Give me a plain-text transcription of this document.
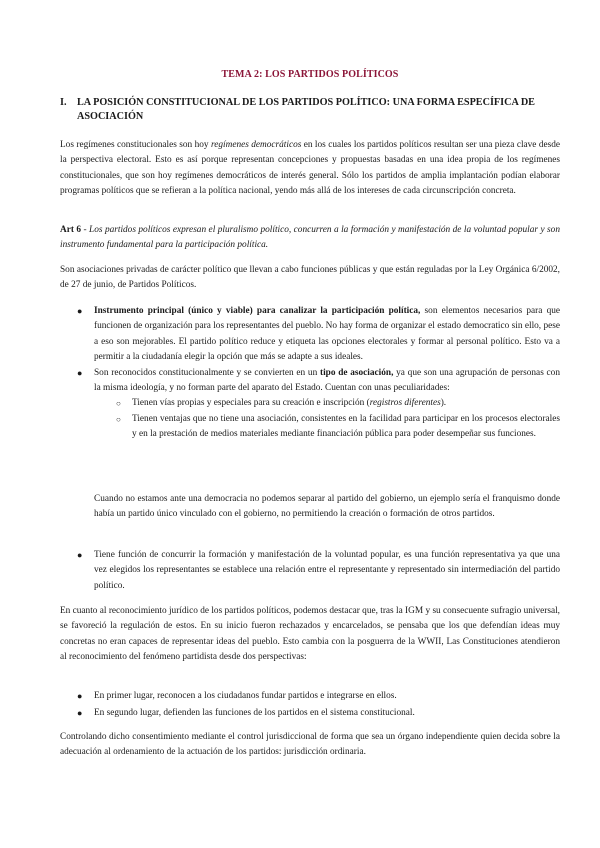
TEMA 2: LOS PARTIDOS POLÍTICOS
I.	LA POSICIÓN CONSTITUCIONAL DE LOS PARTIDOS POLÍTICO: UNA FORMA ESPECÍFICA DE ASOCIACIÓN

Los regímenes constitucionales son hoy regímenes democráticos en los cuales los partidos políticos resultan ser una pieza clave desde la perspectiva electoral. Esto es así porque representan concepciones y propuestas basadas en una idea propia de los regímenes constitucionales, que son hoy regímenes democráticos de interés general. Sólo los partidos de amplia implantación podían elaborar programas políticos que se refieran a la política nacional, yendo más allá de los intereses de cada circunscripción concreta.

Art 6 - Los partidos políticos expresan el pluralismo político, concurren a la formación y manifestación de la voluntad popular y son instrumento fundamental para la participación política.

Son asociaciones privadas de carácter político que llevan a cabo funciones públicas y que están reguladas por la Ley Orgánica 6/2002, de 27 de junio, de Partidos Políticos.

● Instrumento principal (único y viable) para canalizar la participación política, son elementos necesarios para que funcionen de organización para los representantes del pueblo. No hay forma de organizar el estado democratico sin ello, pese a eso son mejorables. El partido político reduce y etiqueta las opciones electorales y formar al personal político. Esto va a permitir a la ciudadanía elegir la opción que más se adapte a sus ideales.
● Son reconocidos constitucionalmente y se convierten en un tipo de asociación, ya que son una agrupación de personas con la misma ideología, y no forman parte del aparato del Estado. Cuentan con unas peculiaridades:
○ Tienen vías propias y especiales para su creación e inscripción (registros diferentes).
○ Tienen ventajas que no tiene una asociación, consistentes en la facilidad para participar en los procesos electorales y en la prestación de medios materiales mediante financiación pública para poder desempeñar sus funciones.

Cuando no estamos ante una democracia no podemos separar al partido del gobierno, un ejemplo sería el franquismo donde había un partido único vinculado con el gobierno, no permitiendo la creación o formación de otros partidos.

● Tiene función de concurrir la formación y manifestación de la voluntad popular, es una función representativa ya que una vez elegidos los representantes se establece una relación entre el representante y representado sin intermediación del partido político.

En cuanto al reconocimiento jurídico de los partidos políticos, podemos destacar que, tras la IGM y su consecuente sufragio universal, se favoreció la regulación de estos. En su inicio fueron rechazados y encarcelados, se pensaba que los que defendían ideas muy concretas no eran capaces de representar ideas del pueblo. Esto cambia con la posguerra de la WWII, Las Constituciones atendieron al reconocimiento del fenómeno partidista desde dos perspectivas:

● En primer lugar, reconocen a los ciudadanos fundar partidos e integrarse en ellos.
● En segundo lugar, defienden las funciones de los partidos en el sistema constitucional.

Controlando dicho consentimiento mediante el control jurisdiccional de forma que sea un órgano independiente quien decida sobre la adecuación al ordenamiento de la actuación de los partidos: jurisdicción ordinaria.
